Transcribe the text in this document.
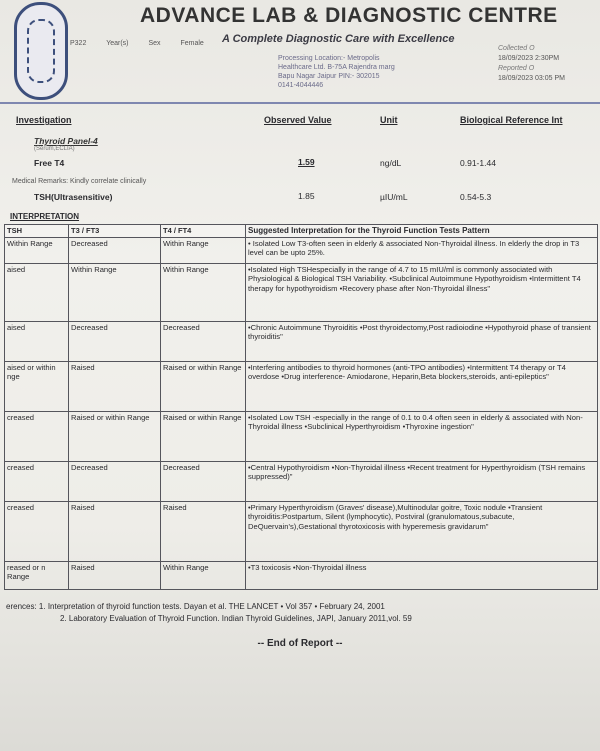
ADVANCE LAB & DIAGNOSTIC CENTRE
A Complete Diagnostic Care with Excellence
P322	Year(s)	Sex	Female
Processing Location:- Metropolis
Healthcare Ltd. B-75A Rajendra marg
Bapu Nagar Jaipur PIN:- 302015
0141-4044446
Collected O
18/09/2023 2:30PM
Reported O
18/09/2023 03:05 PM
Investigation	Observed Value	Unit	Biological Reference Int
Thyroid Panel-4
(Serum,ECLIA)
Free T4	1.59	ng/dL	0.91-1.44
Medical Remarks: Kindly correlate clinically
TSH(Ultrasensitive)	1.85	µIU/mL	0.54-5.3
INTERPRETATION
TSH	T3 / FT3	T4 / FT4	Suggested Interpretation for the Thyroid Function Tests Pattern
Within Range	Decreased	Within Range	• Isolated Low T3-often seen in elderly & associated Non-Thyroidal illness. In elderly the drop in T3 level can be upto 25%.
aised	Within Range	Within Range	•Isolated High TSHespecially in the range of 4.7 to 15 mIU/ml is commonly associated with Physiological & Biological TSH Variability. •Subclinical Autoimmune Hypothyroidism •Intermittent T4 therapy for hypothyroidism •Recovery phase after Non-Thyroidal illness"
aised	Decreased	Decreased	•Chronic Autoimmune Thyroiditis •Post thyroidectomy,Post radioiodine •Hypothyroid phase of transient thyroiditis"
aised or within nge	Raised	Raised or within Range	•Interfering antibodies to thyroid hormones (anti-TPO antibodies) •Intermittent T4 therapy or T4 overdose •Drug interference- Amiodarone, Heparin,Beta blockers,steroids, anti-epileptics"
creased	Raised or within Range	Raised or within Range	•Isolated Low TSH -especially in the range of 0.1 to 0.4 often seen in elderly & associated with Non-Thyroidal illness •Subclinical Hyperthyroidism •Thyroxine ingestion"
creased	Decreased	Decreased	•Central Hypothyroidism •Non-Thyroidal illness •Recent treatment for Hyperthyroidism (TSH remains suppressed)"
creased	Raised	Raised	•Primary Hyperthyroidism (Graves' disease),Multinodular goitre, Toxic nodule •Transient thyroiditis:Postpartum, Silent (lymphocytic), Postviral (granulomatous,subacute, DeQuervain's),Gestational thyrotoxicosis with hyperemesis gravidarum"
reased or n Range	Raised	Within Range	•T3 toxicosis •Non-Thyroidal illness
erences: 1. Interpretation of thyroid function tests. Dayan et al. THE LANCET • Vol 357 • February 24, 2001
2. Laboratory Evaluation of Thyroid Function. Indian Thyroid Guidelines, JAPI, January 2011,vol. 59
-- End of Report --
